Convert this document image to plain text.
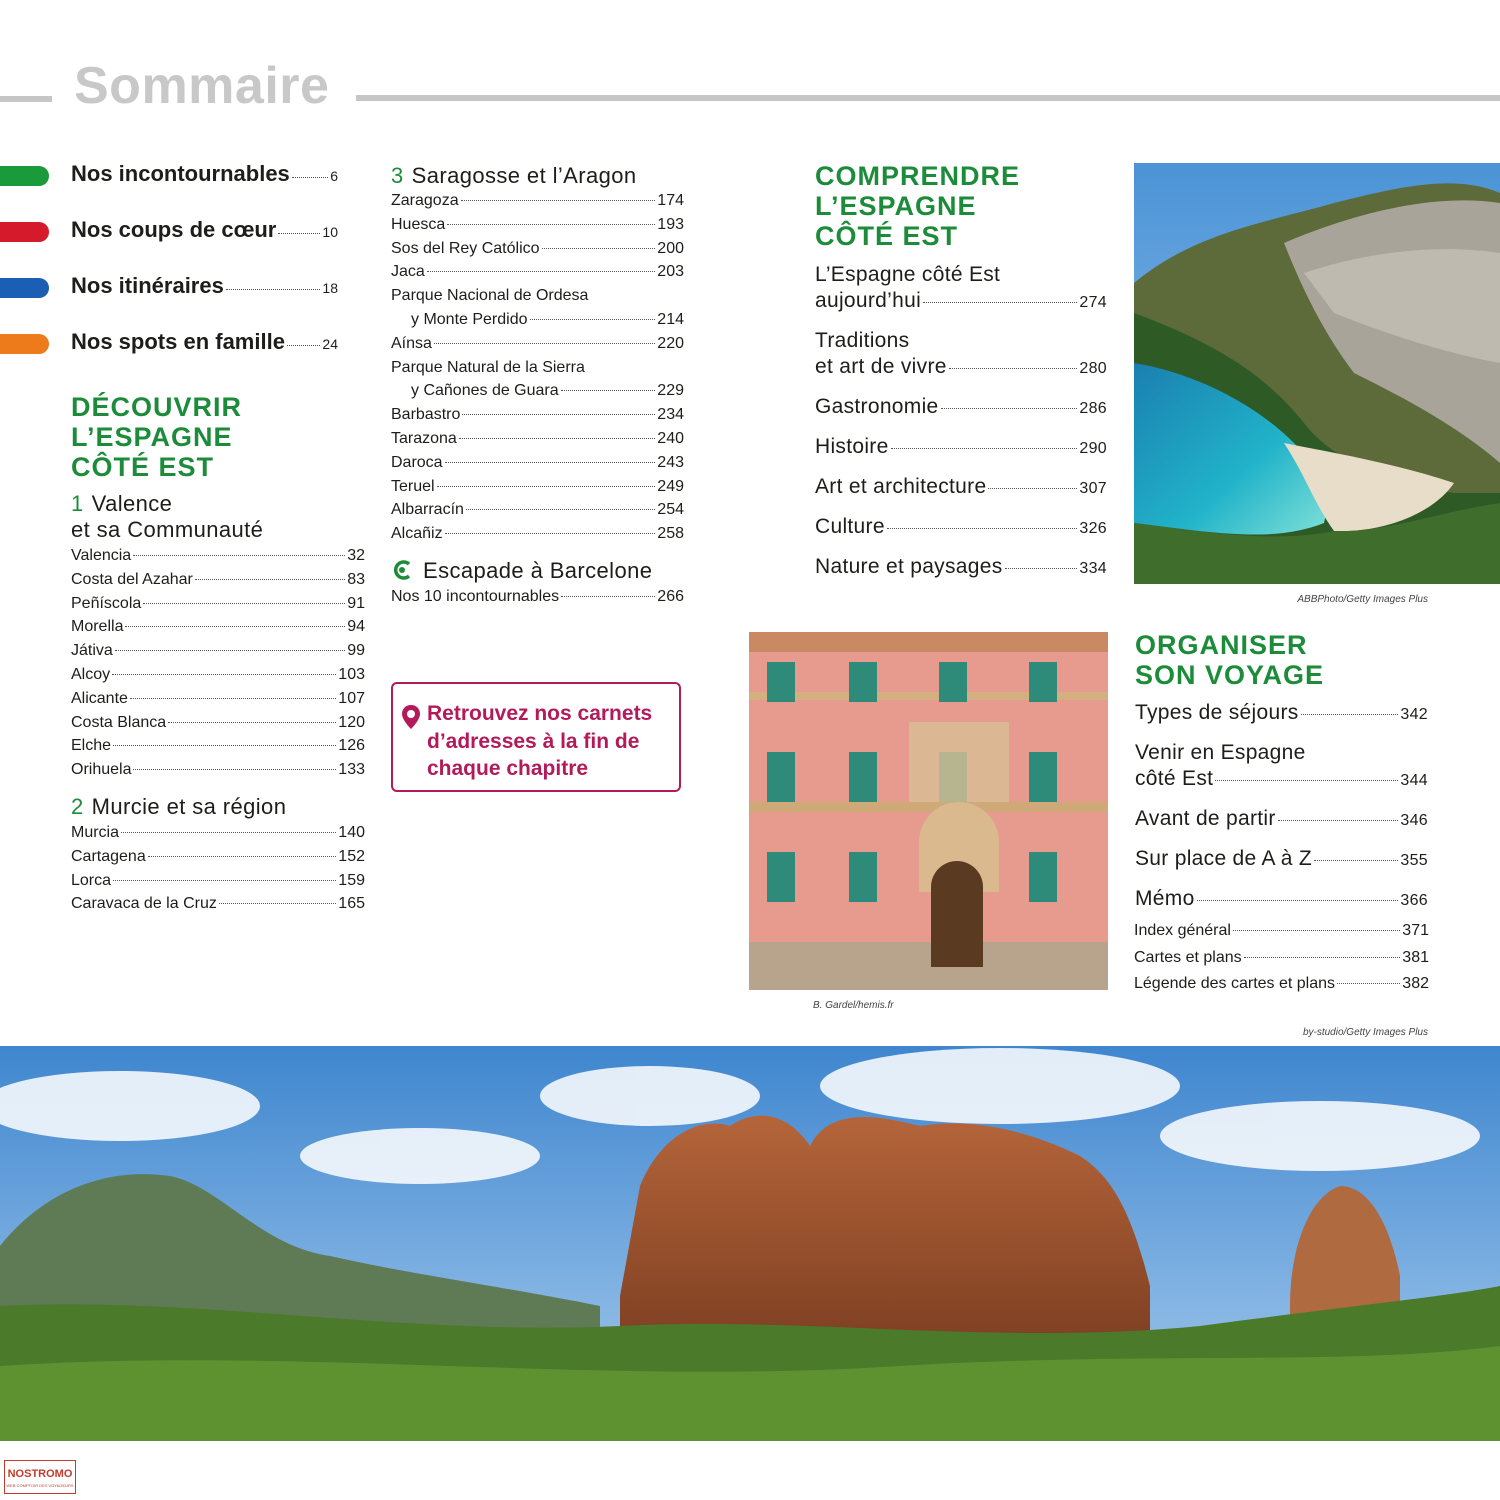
Sommaire
Nos incontournables	6
Nos coups de cœur	10
Nos itinéraires	18
Nos spots en famille	24
DÉCOUVRIR
L’ESPAGNE
CÔTÉ EST
1 Valence
et sa Communauté
Valencia	32
Costa del Azahar	83
Peñíscola	91
Morella	94
Játiva	99
Alcoy	103
Alicante	107
Costa Blanca	120
Elche	126
Orihuela	133
2 Murcie et sa région
Murcia	140
Cartagena	152
Lorca	159
Caravaca de la Cruz	165
3 Saragosse et l’Aragon
Zaragoza	174
Huesca	193
Sos del Rey Católico	200
Jaca	203
Parque Nacional de Ordesa
y Monte Perdido	214
Aínsa	220
Parque Natural de la Sierra
y Cañones de Guara	229
Barbastro	234
Tarazona	240
Daroca	243
Teruel	249
Albarracín	254
Alcañiz	258
Escapade à Barcelone
Nos 10 incontournables	266
Retrouvez nos carnets
d’adresses à la fin de
chaque chapitre
COMPRENDRE
L’ESPAGNE
CÔTÉ EST
L’Espagne côté Est
aujourd’hui	274
Traditions
et art de vivre	280
Gastronomie	286
Histoire	290
Art et architecture	307
Culture	326
Nature et paysages	334
ABBPhoto/Getty Images Plus
B. Gardel/hemis.fr
ORGANISER
SON VOYAGE
Types de séjours	342
Venir en Espagne
côté Est	344
Avant de partir	346
Sur place de A à Z	355
Mémo	366
Index général	371
Cartes et plans	381
Légende des cartes et plans	382
by-studio/Getty Images Plus
NOSTROMO
WEB COMPTOIR DES VOYAGEURS
